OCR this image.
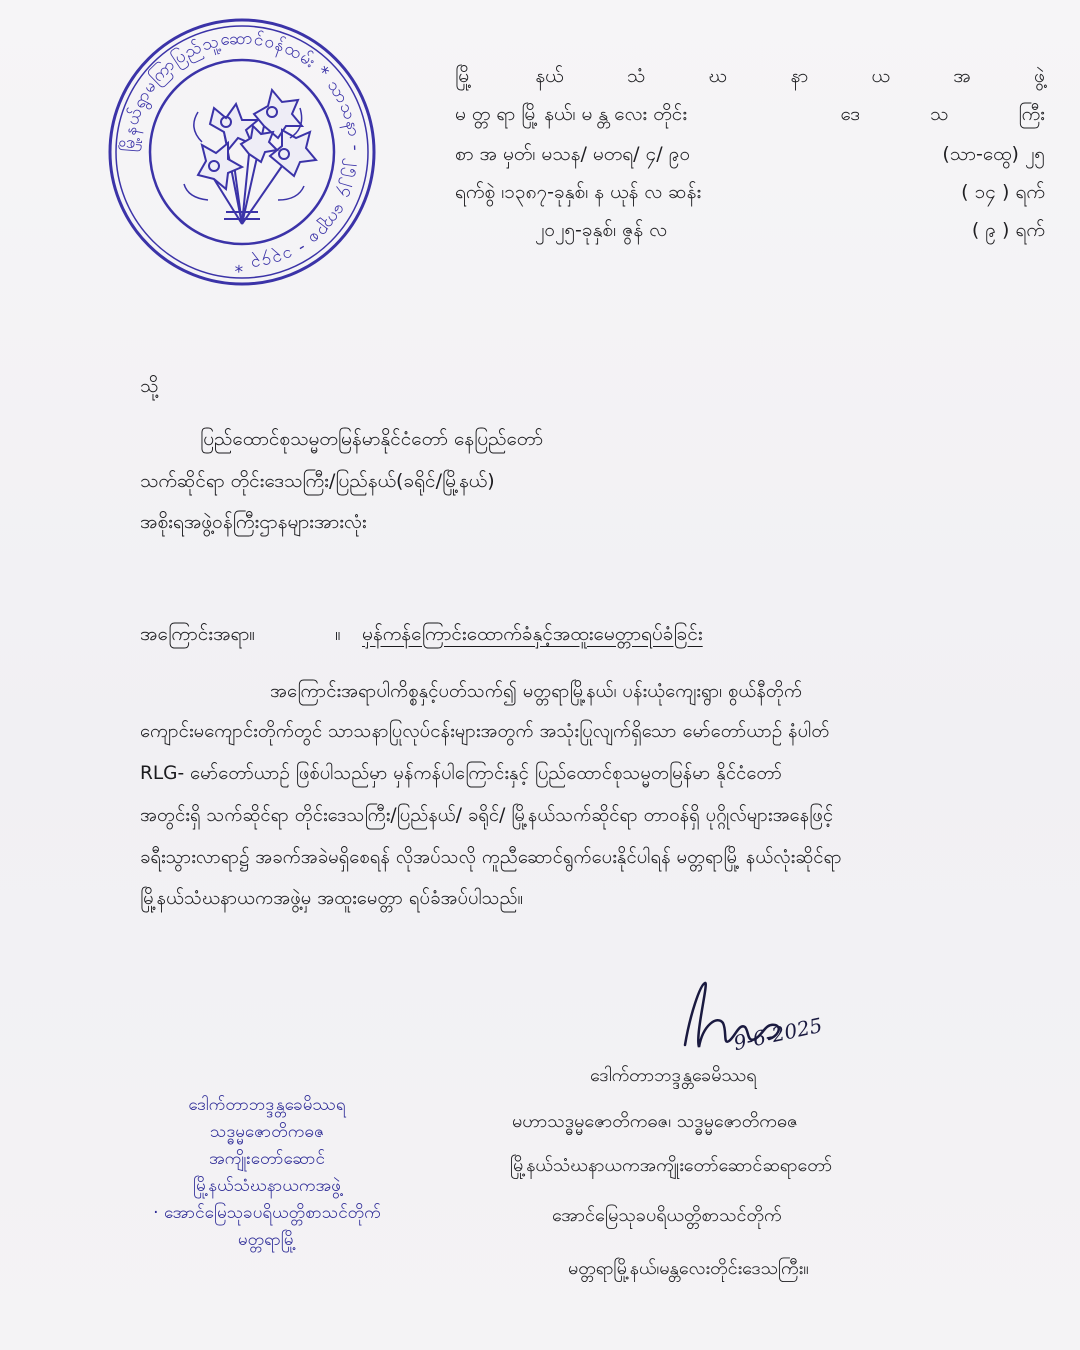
မြို့နယ်ရွာမကြာပြည်သူ့ဆောင်ဝန်ထမ်း * သာသနာ - ၂၅၂၄ ကျောစ - ၁၃၄၃ *
မြို့	နယ်	သံ	ဃ	နာ	ယ	အ	ဖွဲ့
မ တ္တ ရာ မြို့ နယ်၊ မ န္တ လေး တိုင်း	ဒေ	သ	ကြီး
စာ အ မှတ်၊ မသန/ မတရ/ ၄/ ၉၀	(သာ-ထွေ) ၂၅
ရက်စွဲ ၊၁၃၈၇-ခုနှစ်၊ န ယုန် လ ဆန်း	( ၁၄ ) ရက်
၂၀၂၅-ခုနှစ်၊ ဇွန် လ	( ၉ ) ရက်
သို့
ပြည်ထောင်စုသမ္မတမြန်မာနိုင်ငံတော် နေပြည်တော်
သက်ဆိုင်ရာ တိုင်းဒေသကြီး/ပြည်နယ်(ခရိုင်/မြို့နယ်)
အစိုးရအဖွဲ့ဝန်ကြီးဌာနများအားလုံး
အကြောင်းအရာ။	။ မှန်ကန်ကြောင်းထောက်ခံနှင့်အထူးမေတ္တာရပ်ခံခြင်း
အကြောင်းအရာပါကိစ္စနှင့်ပတ်သက်၍ မတ္တရာမြို့နယ်၊ ပန်းယုံကျေးရွာ၊ စွယ်နီတိုက်
ကျောင်းမကျောင်းတိုက်တွင် သာသနာပြုလုပ်ငန်းများအတွက် အသုံးပြုလျက်ရှိသော မော်တော်ယာဉ် နံပါတ်
RLG- မော်တော်ယာဉ် ဖြစ်ပါသည်မှာ မှန်ကန်ပါကြောင်းနှင့် ပြည်ထောင်စုသမ္မတမြန်မာ နိုင်ငံတော်
အတွင်းရှိ သက်ဆိုင်ရာ တိုင်းဒေသကြီး/ပြည်နယ်/ ခရိုင်/ မြို့နယ်သက်ဆိုင်ရာ တာဝန်ရှိ ပုဂ္ဂိုလ်များအနေဖြင့်
ခရီးသွားလာရာ၌ အခက်အခဲမရှိစေရန် လိုအပ်သလို ကူညီဆောင်ရွက်ပေးနိုင်ပါရန် မတ္တရာမြို့ နယ်လုံးဆိုင်ရာ
မြို့နယ်သံဃနာယကအဖွဲ့မှ အထူးမေတ္တာ ရပ်ခံအပ်ပါသည်။
9-6-2025
ဒေါက်တာဘဒ္ဒန္တခေမိဿရ
မဟာသဒ္ဓမ္မဇောတိကဓဇ၊ သဒ္ဓမ္မဇောတိကဓဇ
မြို့နယ်သံဃနာယကအကျိုးတော်ဆောင်ဆရာတော်
အောင်မြေသုခပရိယတ္တိစာသင်တိုက်
မတ္တရာမြို့နယ်၊မန္တလေးတိုင်းဒေသကြီး။
ဒေါက်တာဘဒ္ဒန္တခေမိဿရ
သဒ္ဓမ္မဇောတိကဓဇ
အကျိုးတော်ဆောင်
မြို့နယ်သံဃနာယကအဖွဲ့
· အောင်မြေသုခပရိယတ္တိစာသင်တိုက်
မတ္တရာမြို့
